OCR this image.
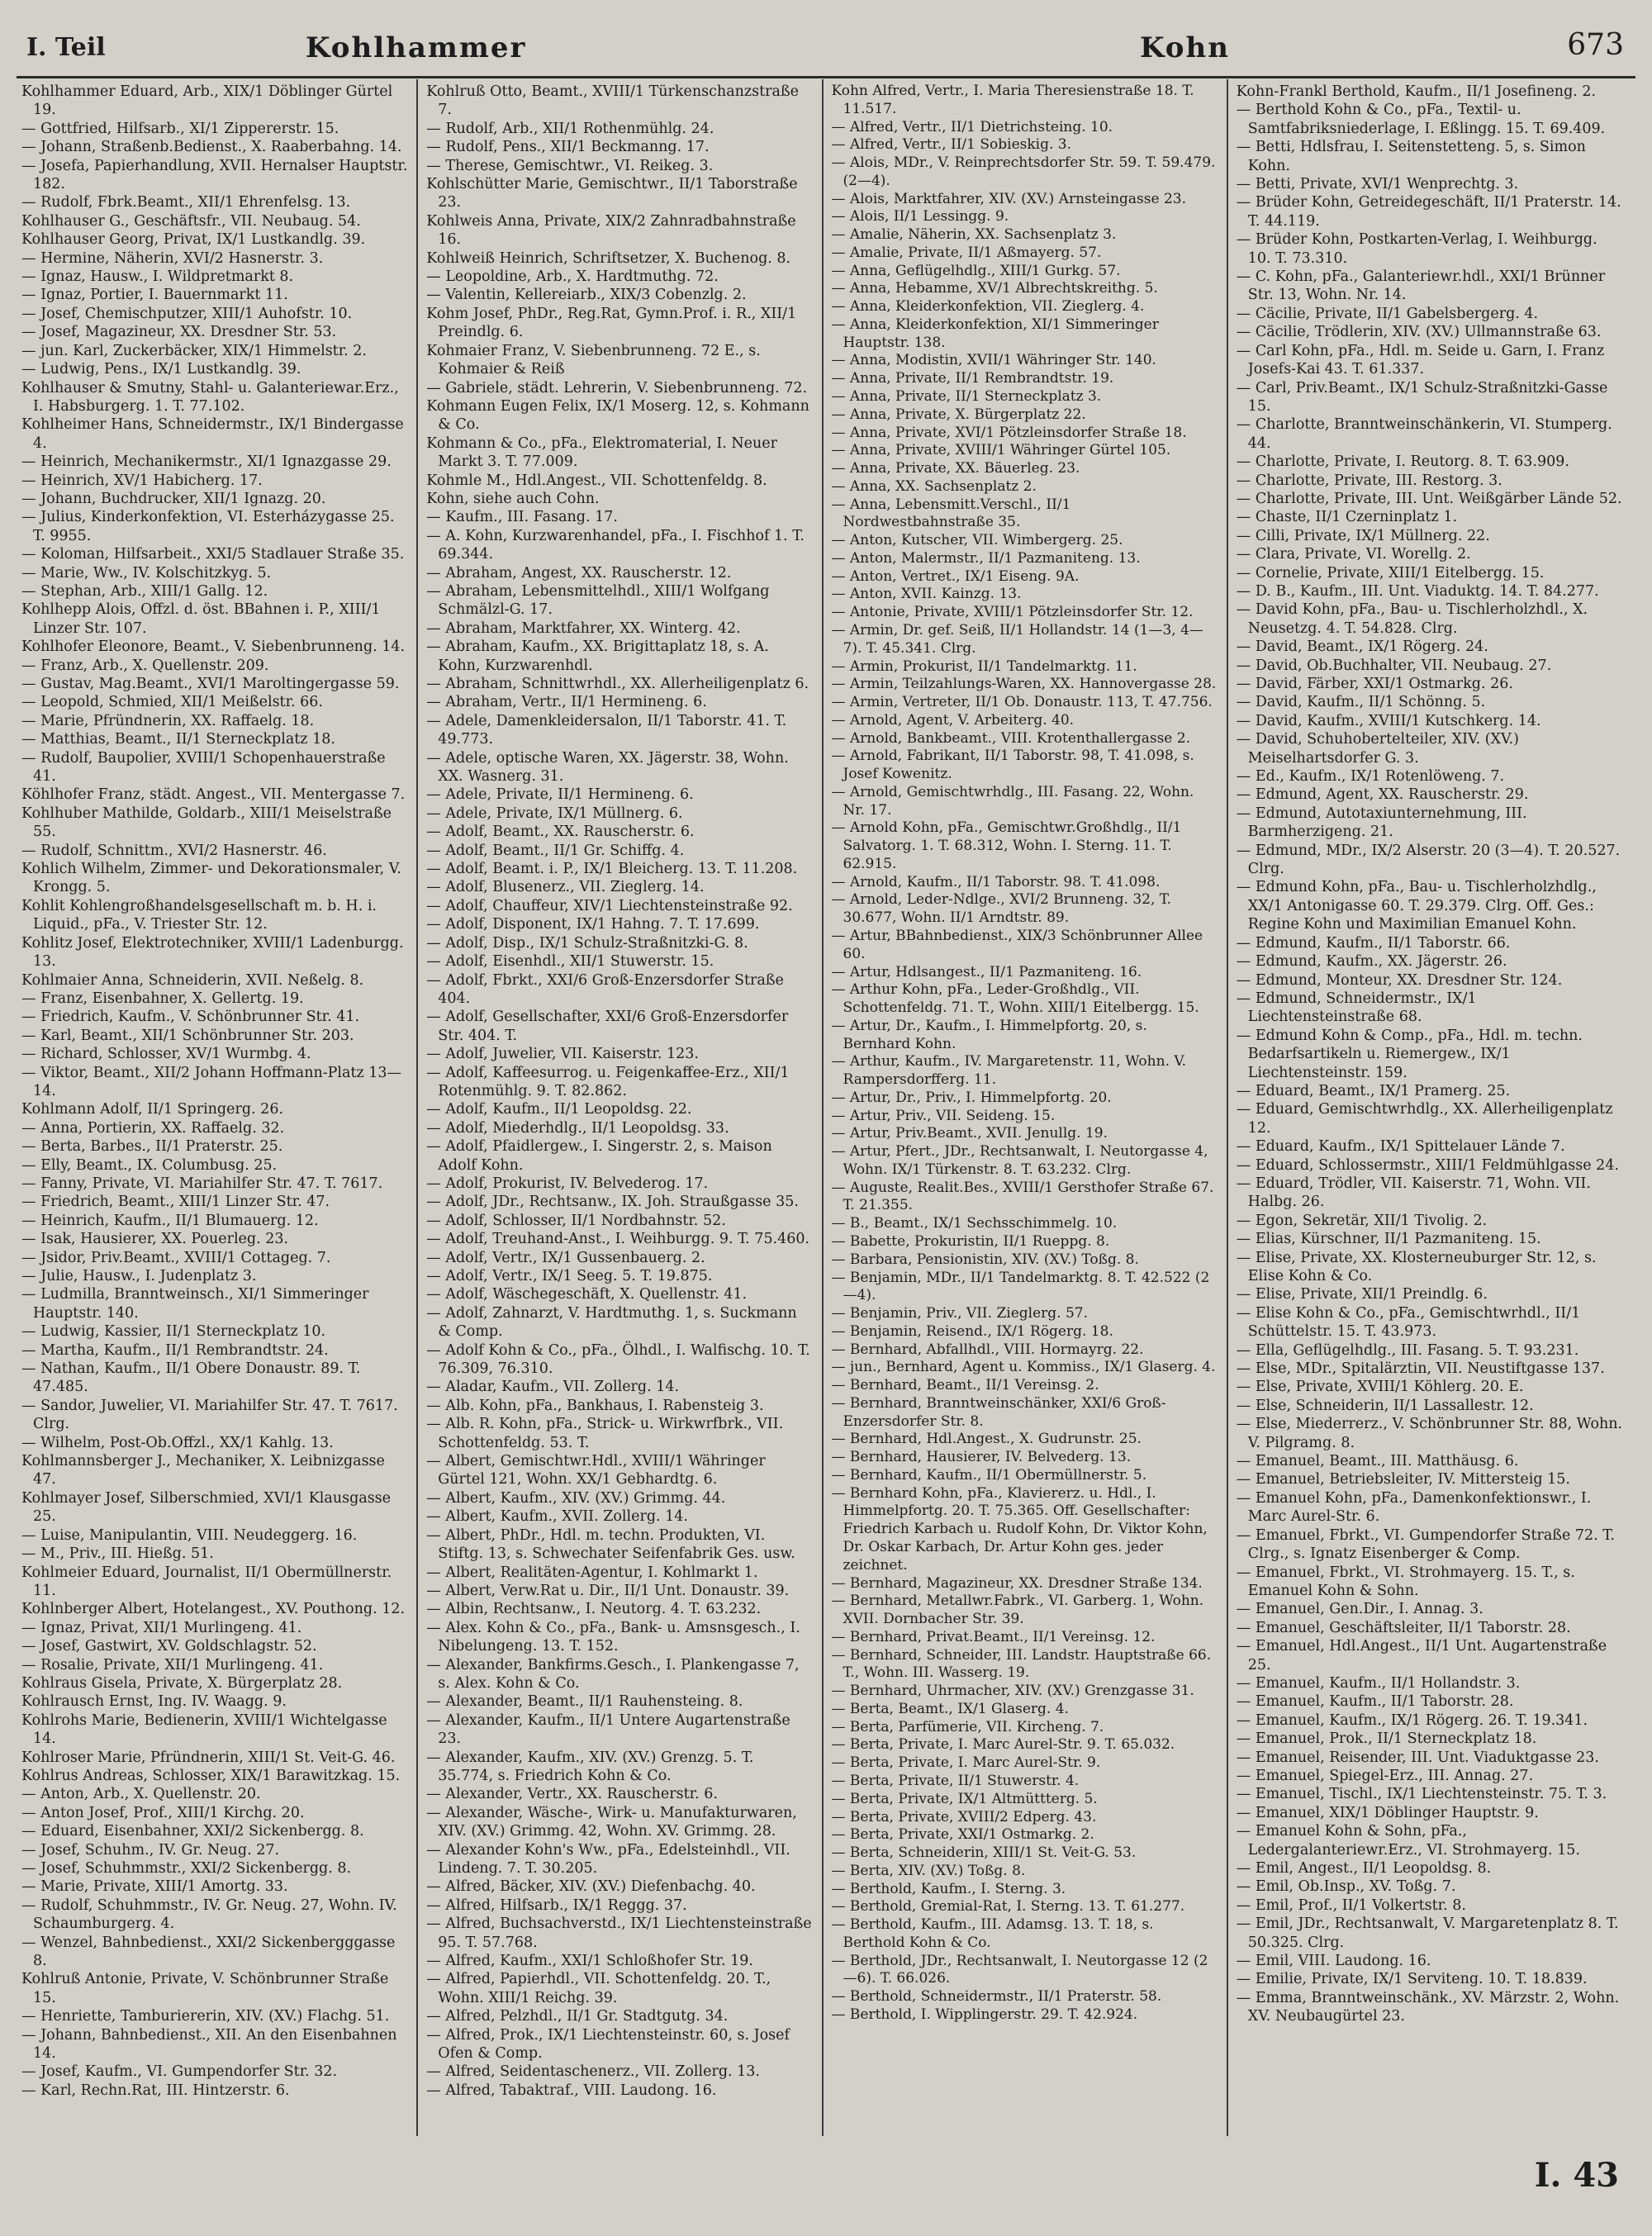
I. Teil	Kohlhammer	Kohn	673
Kohlhammer Eduard, Arb., XIX/1 Döblinger Gürtel 19.
— Gottfried, Hilfsarb., XI/1 Zippererstr. 15.
— Johann, Straßenb.Bedienst., X. Raaberbahng. 14.
— Josefa, Papierhandlung, XVII. Hernalser Hauptstr. 182.
— Rudolf, Fbrk.Beamt., XII/1 Ehrenfelsg. 13.
Kohlhauser G., Geschäftsfr., VII. Neubaug. 54.
Kohlhauser Georg, Privat, IX/1 Lustkandlg. 39.
— Hermine, Näherin, XVI/2 Hasnerstr. 3.
— Ignaz, Hausw., I. Wildpretmarkt 8.
— Ignaz, Portier, I. Bauernmarkt 11.
— Josef, Chemischputzer, XIII/1 Auhofstr. 10.
— Josef, Magazineur, XX. Dresdner Str. 53.
— jun. Karl, Zuckerbäcker, XIX/1 Himmelstr. 2.
— Ludwig, Pens., IX/1 Lustkandlg. 39.
Kohlhauser & Smutny, Stahl- u. Galanteriewar.Erz., I. Habsburgerg. 1. T. 77.102.
Kohlheimer Hans, Schneidermstr., IX/1 Bindergasse 4.
— Heinrich, Mechanikermstr., XI/1 Ignazgasse 29.
— Heinrich, XV/1 Habicherg. 17.
— Johann, Buchdrucker, XII/1 Ignazg. 20.
— Julius, Kinderkonfektion, VI. Esterházygasse 25. T. 9955.
— Koloman, Hilfsarbeit., XXI/5 Stadlauer Straße 35.
— Marie, Ww., IV. Kolschitzkyg. 5.
— Stephan, Arb., XIII/1 Gallg. 12.
Kohlhepp Alois, Offzl. d. öst. BBahnen i. P., XIII/1 Linzer Str. 107.
Kohlhofer Eleonore, Beamt., V. Siebenbrunneng. 14.
— Franz, Arb., X. Quellenstr. 209.
— Gustav, Mag.Beamt., XVI/1 Maroltingergasse 59.
— Leopold, Schmied, XII/1 Meißelstr. 66.
— Marie, Pfründnerin, XX. Raffaelg. 18.
— Matthias, Beamt., II/1 Sterneckplatz 18.
— Rudolf, Baupolier, XVIII/1 Schopenhauerstraße 41.
Köhlhofer Franz, städt. Angest., VII. Mentergasse 7.
Kohlhuber Mathilde, Goldarb., XIII/1 Meiselstraße 55.
— Rudolf, Schnittm., XVI/2 Hasnerstr. 46.
Kohlich Wilhelm, Zimmer- und Dekorationsmaler, V. Krongg. 5.
Kohlit Kohlengroßhandelsgesellschaft m. b. H. i. Liquid., pFa., V. Triester Str. 12.
Kohlitz Josef, Elektrotechniker, XVIII/1 Ladenburgg. 13.
Kohlmaier Anna, Schneiderin, XVII. Neßelg. 8.
— Franz, Eisenbahner, X. Gellertg. 19.
— Friedrich, Kaufm., V. Schönbrunner Str. 41.
— Karl, Beamt., XII/1 Schönbrunner Str. 203.
— Richard, Schlosser, XV/1 Wurmbg. 4.
— Viktor, Beamt., XII/2 Johann Hoffmann-Platz 13—14.
Kohlmann Adolf, II/1 Springerg. 26.
— Anna, Portierin, XX. Raffaelg. 32.
— Berta, Barbes., II/1 Praterstr. 25.
— Elly, Beamt., IX. Columbusg. 25.
— Fanny, Private, VI. Mariahilfer Str. 47. T. 7617.
— Friedrich, Beamt., XIII/1 Linzer Str. 47.
— Heinrich, Kaufm., II/1 Blumauerg. 12.
— Isak, Hausierer, XX. Pouerleg. 23.
— Jsidor, Priv.Beamt., XVIII/1 Cottageg. 7.
— Julie, Hausw., I. Judenplatz 3.
— Ludmilla, Branntweinsch., XI/1 Simmeringer Hauptstr. 140.
— Ludwig, Kassier, II/1 Sterneckplatz 10.
— Martha, Kaufm., II/1 Rembrandtstr. 24.
— Nathan, Kaufm., II/1 Obere Donaustr. 89. T. 47.485.
— Sandor, Juwelier, VI. Mariahilfer Str. 47. T. 7617. Clrg.
— Wilhelm, Post-Ob.Offzl., XX/1 Kahlg. 13.
Kohlmannsberger J., Mechaniker, X. Leibnizgasse 47.
Kohlmayer Josef, Silberschmied, XVI/1 Klausgasse 25.
— Luise, Manipulantin, VIII. Neudeggerg. 16.
— M., Priv., III. Hießg. 51.
Kohlmeier Eduard, Journalist, II/1 Obermüllnerstr. 11.
Kohlnberger Albert, Hotelangest., XV. Pouthong. 12.
— Ignaz, Privat, XII/1 Murlingeng. 41.
— Josef, Gastwirt, XV. Goldschlagstr. 52.
— Rosalie, Private, XII/1 Murlingeng. 41.
Kohlraus Gisela, Private, X. Bürgerplatz 28.
Kohlrausch Ernst, Ing. IV. Waagg. 9.
Kohlrohs Marie, Bedienerin, XVIII/1 Wichtelgasse 14.
Kohlroser Marie, Pfründnerin, XIII/1 St. Veit-G. 46.
Kohlrus Andreas, Schlosser, XIX/1 Barawitzkag. 15.
— Anton, Arb., X. Quellenstr. 20.
— Anton Josef, Prof., XIII/1 Kirchg. 20.
— Eduard, Eisenbahner, XXI/2 Sickenbergg. 8.
— Josef, Schuhm., IV. Gr. Neug. 27.
— Josef, Schuhmmstr., XXI/2 Sickenbergg. 8.
— Marie, Private, XIII/1 Amortg. 33.
— Rudolf, Schuhmmstr., IV. Gr. Neug. 27, Wohn. IV. Schaumburgerg. 4.
— Wenzel, Bahnbedienst., XXI/2 Sickenbergggasse 8.
Kohlruß Antonie, Private, V. Schönbrunner Straße 15.
— Henriette, Tamburiererin, XIV. (XV.) Flachg. 51.
— Johann, Bahnbedienst., XII. An den Eisenbahnen 14.
— Josef, Kaufm., VI. Gumpendorfer Str. 32.
— Karl, Rechn.Rat, III. Hintzerstr. 6.
Kohlruß Otto, Beamt., XVIII/1 Türkenschanzstraße 7.
— Rudolf, Arb., XII/1 Rothenmühlg. 24.
— Rudolf, Pens., XII/1 Beckmanng. 17.
— Therese, Gemischtwr., VI. Reikeg. 3.
Kohlschütter Marie, Gemischtwr., II/1 Taborstraße 23.
Kohlweis Anna, Private, XIX/2 Zahnradbahnstraße 16.
Kohlweiß Heinrich, Schriftsetzer, X. Buchenog. 8.
— Leopoldine, Arb., X. Hardtmuthg. 72.
— Valentin, Kellereiarb., XIX/3 Cobenzlg. 2.
Kohm Josef, PhDr., Reg.Rat, Gymn.Prof. i. R., XII/1 Preindlg. 6.
Kohmaier Franz, V. Siebenbrunneng. 72 E., s. Kohmaier & Reiß
— Gabriele, städt. Lehrerin, V. Siebenbrunneng. 72.
Kohmann Eugen Felix, IX/1 Moserg. 12, s. Kohmann & Co.
Kohmann & Co., pFa., Elektromaterial, I. Neuer Markt 3. T. 77.009.
Kohmle M., Hdl.Angest., VII. Schottenfeldg. 8.
Kohn, siehe auch Cohn.
— Kaufm., III. Fasang. 17.
— A. Kohn, Kurzwarenhandel, pFa., I. Fischhof 1. T. 69.344.
— Abraham, Angest, XX. Rauscherstr. 12.
— Abraham, Lebensmittelhdl., XIII/1 Wolfgang Schmälzl-G. 17.
— Abraham, Marktfahrer, XX. Winterg. 42.
— Abraham, Kaufm., XX. Brigittaplatz 18, s. A. Kohn, Kurzwarenhdl.
— Abraham, Schnittwrhdl., XX. Allerheiligenplatz 6.
— Abraham, Vertr., II/1 Hermineng. 6.
— Adele, Damenkleidersalon, II/1 Taborstr. 41. T. 49.773.
— Adele, optische Waren, XX. Jägerstr. 38, Wohn. XX. Wasnerg. 31.
— Adele, Private, II/1 Hermineng. 6.
— Adele, Private, IX/1 Müllnerg. 6.
— Adolf, Beamt., XX. Rauscherstr. 6.
— Adolf, Beamt., II/1 Gr. Schiffg. 4.
— Adolf, Beamt. i. P., IX/1 Bleicherg. 13. T. 11.208.
— Adolf, Blusenerz., VII. Zieglerg. 14.
— Adolf, Chauffeur, XIV/1 Liechtensteinstraße 92.
— Adolf, Disponent, IX/1 Hahng. 7. T. 17.699.
— Adolf, Disp., IX/1 Schulz-Straßnitzki-G. 8.
— Adolf, Eisenhdl., XII/1 Stuwerstr. 15.
— Adolf, Fbrkt., XXI/6 Groß-Enzersdorfer Straße 404.
— Adolf, Gesellschafter, XXI/6 Groß-Enzersdorfer Str. 404. T.
— Adolf, Juwelier, VII. Kaiserstr. 123.
— Adolf, Kaffeesurrog. u. Feigenkaffee-Erz., XII/1 Rotenmühlg. 9. T. 82.862.
— Adolf, Kaufm., II/1 Leopoldsg. 22.
— Adolf, Miederhdlg., II/1 Leopoldsg. 33.
— Adolf, Pfaidlergew., I. Singerstr. 2, s. Maison Adolf Kohn.
— Adolf, Prokurist, IV. Belvederog. 17.
— Adolf, JDr., Rechtsanw., IX. Joh. Straußgasse 35.
— Adolf, Schlosser, II/1 Nordbahnstr. 52.
— Adolf, Treuhand-Anst., I. Weihburgg. 9. T. 75.460.
— Adolf, Vertr., IX/1 Gussenbauerg. 2.
— Adolf, Vertr., IX/1 Seeg. 5. T. 19.875.
— Adolf, Wäschegeschäft, X. Quellenstr. 41.
— Adolf, Zahnarzt, V. Hardtmuthg. 1, s. Suckmann & Comp.
— Adolf Kohn & Co., pFa., Ölhdl., I. Walfischg. 10. T. 76.309, 76.310.
— Aladar, Kaufm., VII. Zollerg. 14.
— Alb. Kohn, pFa., Bankhaus, I. Rabensteig 3.
— Alb. R. Kohn, pFa., Strick- u. Wirkwrfbrk., VII. Schottenfeldg. 53. T.
— Albert, Gemischtwr.Hdl., XVIII/1 Währinger Gürtel 121, Wohn. XX/1 Gebhardtg. 6.
— Albert, Kaufm., XIV. (XV.) Grimmg. 44.
— Albert, Kaufm., XVII. Zollerg. 14.
— Albert, PhDr., Hdl. m. techn. Produkten, VI. Stiftg. 13, s. Schwechater Seifenfabrik Ges. usw.
— Albert, Realitäten-Agentur, I. Kohlmarkt 1.
— Albert, Verw.Rat u. Dir., II/1 Unt. Donaustr. 39.
— Albin, Rechtsanw., I. Neutorg. 4. T. 63.232.
— Alex. Kohn & Co., pFa., Bank- u. Amsnsgesch., I. Nibelungeng. 13. T. 152.
— Alexander, Bankfirms.Gesch., I. Plankengasse 7, s. Alex. Kohn & Co.
— Alexander, Beamt., II/1 Rauhensteing. 8.
— Alexander, Kaufm., II/1 Untere Augartenstraße 23.
— Alexander, Kaufm., XIV. (XV.) Grenzg. 5. T. 35.774, s. Friedrich Kohn & Co.
— Alexander, Vertr., XX. Rauscherstr. 6.
— Alexander, Wäsche-, Wirk- u. Manufakturwaren, XIV. (XV.) Grimmg. 42, Wohn. XV. Grimmg. 28.
— Alexander Kohn's Ww., pFa., Edelsteinhdl., VII. Lindeng. 7. T. 30.205.
— Alfred, Bäcker, XIV. (XV.) Diefenbachg. 40.
— Alfred, Hilfsarb., IX/1 Reggg. 37.
— Alfred, Buchsachverstd., IX/1 Liechtensteinstraße 95. T. 57.768.
— Alfred, Kaufm., XXI/1 Schloßhofer Str. 19.
— Alfred, Papierhdl., VII. Schottenfeldg. 20. T., Wohn. XIII/1 Reichg. 39.
— Alfred, Pelzhdl., II/1 Gr. Stadtgutg. 34.
— Alfred, Prok., IX/1 Liechtensteinstr. 60, s. Josef Ofen & Comp.
— Alfred, Seidentaschenerz., VII. Zollerg. 13.
— Alfred, Tabaktraf., VIII. Laudong. 16.
Kohn Alfred, Vertr., I. Maria Theresienstraße 18. T. 11.517.
— Alfred, Vertr., II/1 Dietrichsteing. 10.
— Alfred, Vertr., II/1 Sobieskig. 3.
— Alois, MDr., V. Reinprechtsdorfer Str. 59. T. 59.479. (2—4).
— Alois, Marktfahrer, XIV. (XV.) Arnsteingasse 23.
— Alois, II/1 Lessingg. 9.
— Amalie, Näherin, XX. Sachsenplatz 3.
— Amalie, Private, II/1 Aßmayerg. 57.
— Anna, Geflügelhdlg., XIII/1 Gurkg. 57.
— Anna, Hebamme, XV/1 Albrechtskreithg. 5.
— Anna, Kleiderkonfektion, VII. Zieglerg. 4.
— Anna, Kleiderkonfektion, XI/1 Simmeringer Hauptstr. 138.
— Anna, Modistin, XVII/1 Währinger Str. 140.
— Anna, Private, II/1 Rembrandtstr. 19.
— Anna, Private, II/1 Sterneckplatz 3.
— Anna, Private, X. Bürgerplatz 22.
— Anna, Private, XVI/1 Pötzleinsdorfer Straße 18.
— Anna, Private, XVIII/1 Währinger Gürtel 105.
— Anna, Private, XX. Bäuerleg. 23.
— Anna, XX. Sachsenplatz 2.
— Anna, Lebensmitt.Verschl., II/1 Nordwestbahnstraße 35.
— Anton, Kutscher, VII. Wimbergerg. 25.
— Anton, Malermstr., II/1 Pazmaniteng. 13.
— Anton, Vertret., IX/1 Eiseng. 9A.
— Anton, XVII. Kainzg. 13.
— Antonie, Private, XVIII/1 Pötzleinsdorfer Str. 12.
— Armin, Dr. gef. Seiß, II/1 Hollandstr. 14 (1—3, 4—7). T. 45.341. Clrg.
— Armin, Prokurist, II/1 Tandelmarktg. 11.
— Armin, Teilzahlungs-Waren, XX. Hannovergasse 28.
— Armin, Vertreter, II/1 Ob. Donaustr. 113, T. 47.756.
— Arnold, Agent, V. Arbeiterg. 40.
— Arnold, Bankbeamt., VIII. Krotenthallergasse 2.
— Arnold, Fabrikant, II/1 Taborstr. 98, T. 41.098, s. Josef Kowenitz.
— Arnold, Gemischtwrhdlg., III. Fasang. 22, Wohn. Nr. 17.
— Arnold Kohn, pFa., Gemischtwr.Großhdlg., II/1 Salvatorg. 1. T. 68.312, Wohn. I. Sterng. 11. T. 62.915.
— Arnold, Kaufm., II/1 Taborstr. 98. T. 41.098.
— Arnold, Leder-Ndlge., XVI/2 Brunneng. 32, T. 30.677, Wohn. II/1 Arndtstr. 89.
— Artur, BBahnbedienst., XIX/3 Schönbrunner Allee 60.
— Artur, Hdlsangest., II/1 Pazmaniteng. 16.
— Arthur Kohn, pFa., Leder-Großhdlg., VII. Schottenfeldg. 71. T., Wohn. XIII/1 Eitelbergg. 15.
— Artur, Dr., Kaufm., I. Himmelpfortg. 20, s. Bernhard Kohn.
— Arthur, Kaufm., IV. Margaretenstr. 11, Wohn. V. Rampersdorfferg. 11.
— Artur, Dr., Priv., I. Himmelpfortg. 20.
— Artur, Priv., VII. Seideng. 15.
— Artur, Priv.Beamt., XVII. Jenullg. 19.
— Artur, Pfert., JDr., Rechtsanwalt, I. Neutorgasse 4, Wohn. IX/1 Türkenstr. 8. T. 63.232. Clrg.
— Auguste, Realit.Bes., XVIII/1 Gersthofer Straße 67. T. 21.355.
— B., Beamt., IX/1 Sechsschimmelg. 10.
— Babette, Prokuristin, II/1 Rueppg. 8.
— Barbara, Pensionistin, XIV. (XV.) Toßg. 8.
— Benjamin, MDr., II/1 Tandelmarktg. 8. T. 42.522 (2—4).
— Benjamin, Priv., VII. Zieglerg. 57.
— Benjamin, Reisend., IX/1 Rögerg. 18.
— Bernhard, Abfallhdl., VIII. Hormayrg. 22.
— jun., Bernhard, Agent u. Kommiss., IX/1 Glaserg. 4.
— Bernhard, Beamt., II/1 Vereinsg. 2.
— Bernhard, Branntweinschänker, XXI/6 Groß-Enzersdorfer Str. 8.
— Bernhard, Hdl.Angest., X. Gudrunstr. 25.
— Bernhard, Hausierer, IV. Belvederg. 13.
— Bernhard, Kaufm., II/1 Obermüllnerstr. 5.
— Bernhard Kohn, pFa., Klaviererz. u. Hdl., I. Himmelpfortg. 20. T. 75.365. Off. Gesellschafter: Friedrich Karbach u. Rudolf Kohn, Dr. Viktor Kohn, Dr. Oskar Karbach, Dr. Artur Kohn ges. jeder zeichnet.
— Bernhard, Magazineur, XX. Dresdner Straße 134.
— Bernhard, Metallwr.Fabrk., VI. Garberg. 1, Wohn. XVII. Dornbacher Str. 39.
— Bernhard, Privat.Beamt., II/1 Vereinsg. 12.
— Bernhard, Schneider, III. Landstr. Hauptstraße 66. T., Wohn. III. Wasserg. 19.
— Bernhard, Uhrmacher, XIV. (XV.) Grenzgasse 31.
— Berta, Beamt., IX/1 Glaserg. 4.
— Berta, Parfümerie, VII. Kircheng. 7.
— Berta, Private, I. Marc Aurel-Str. 9. T. 65.032.
— Berta, Private, I. Marc Aurel-Str. 9.
— Berta, Private, II/1 Stuwerstr. 4.
— Berta, Private, IX/1 Altmüttterg. 5.
— Berta, Private, XVIII/2 Edperg. 43.
— Berta, Private, XXI/1 Ostmarkg. 2.
— Berta, Schneiderin, XIII/1 St. Veit-G. 53.
— Berta, XIV. (XV.) Toßg. 8.
— Berthold, Kaufm., I. Sterng. 3.
— Berthold, Gremial-Rat, I. Sterng. 13. T. 61.277.
— Berthold, Kaufm., III. Adamsg. 13. T. 18, s. Berthold Kohn & Co.
— Berthold, JDr., Rechtsanwalt, I. Neutorgasse 12 (2—6). T. 66.026.
— Berthold, Schneidermstr., II/1 Praterstr. 58.
— Berthold, I. Wipplingerstr. 29. T. 42.924.
Kohn-Frankl Berthold, Kaufm., II/1 Josefineng. 2.
— Berthold Kohn & Co., pFa., Textil- u. Samtfabriksniederlage, I. Eßlingg. 15. T. 69.409.
— Betti, Hdlsfrau, I. Seitenstetteng. 5, s. Simon Kohn.
— Betti, Private, XVI/1 Wenprechtg. 3.
— Brüder Kohn, Getreidegeschäft, II/1 Praterstr. 14. T. 44.119.
— Brüder Kohn, Postkarten-Verlag, I. Weihburgg. 10. T. 73.310.
— C. Kohn, pFa., Galanteriewr.hdl., XXI/1 Brünner Str. 13, Wohn. Nr. 14.
— Cäcilie, Private, II/1 Gabelsbergerg. 4.
— Cäcilie, Trödlerin, XIV. (XV.) Ullmannstraße 63.
— Carl Kohn, pFa., Hdl. m. Seide u. Garn, I. Franz Josefs-Kai 43. T. 61.337.
— Carl, Priv.Beamt., IX/1 Schulz-Straßnitzki-Gasse 15.
— Charlotte, Branntweinschänkerin, VI. Stumperg. 44.
— Charlotte, Private, I. Reutorg. 8. T. 63.909.
— Charlotte, Private, III. Restorg. 3.
— Charlotte, Private, III. Unt. Weißgärber Lände 52.
— Chaste, II/1 Czerninplatz 1.
— Cilli, Private, IX/1 Müllnerg. 22.
— Clara, Private, VI. Worellg. 2.
— Cornelie, Private, XIII/1 Eitelbergg. 15.
— D. B., Kaufm., III. Unt. Viaduktg. 14. T. 84.277.
— David Kohn, pFa., Bau- u. Tischlerholzhdl., X. Neusetzg. 4. T. 54.828. Clrg.
— David, Beamt., IX/1 Rögerg. 24.
— David, Ob.Buchhalter, VII. Neubaug. 27.
— David, Färber, XXI/1 Ostmarkg. 26.
— David, Kaufm., II/1 Schönng. 5.
— David, Kaufm., XVIII/1 Kutschkerg. 14.
— David, Schuhobertelteiler, XIV. (XV.) Meiselhartsdorfer G. 3.
— Ed., Kaufm., IX/1 Rotenlöweng. 7.
— Edmund, Agent, XX. Rauscherstr. 29.
— Edmund, Autotaxiunternehmung, III. Barmherzigeng. 21.
— Edmund, MDr., IX/2 Alserstr. 20 (3—4). T. 20.527. Clrg.
— Edmund Kohn, pFa., Bau- u. Tischlerholzhdlg., XX/1 Antonigasse 60. T. 29.379. Clrg. Off. Ges.: Regine Kohn und Maximilian Emanuel Kohn.
— Edmund, Kaufm., II/1 Taborstr. 66.
— Edmund, Kaufm., XX. Jägerstr. 26.
— Edmund, Monteur, XX. Dresdner Str. 124.
— Edmund, Schneidermstr., IX/1 Liechtensteinstraße 68.
— Edmund Kohn & Comp., pFa., Hdl. m. techn. Bedarfsartikeln u. Riemergew., IX/1 Liechtensteinstr. 159.
— Eduard, Beamt., IX/1 Pramerg. 25.
— Eduard, Gemischtwrhdlg., XX. Allerheiligenplatz 12.
— Eduard, Kaufm., IX/1 Spittelauer Lände 7.
— Eduard, Schlossermstr., XIII/1 Feldmühlgasse 24.
— Eduard, Trödler, VII. Kaiserstr. 71, Wohn. VII. Halbg. 26.
— Egon, Sekretär, XII/1 Tivolig. 2.
— Elias, Kürschner, II/1 Pazmaniteng. 15.
— Elise, Private, XX. Klosterneuburger Str. 12, s. Elise Kohn & Co.
— Elise, Private, XII/1 Preindlg. 6.
— Elise Kohn & Co., pFa., Gemischtwrhdl., II/1 Schüttelstr. 15. T. 43.973.
— Ella, Geflügelhdlg., III. Fasang. 5. T. 93.231.
— Else, MDr., Spitalärztin, VII. Neustiftgasse 137.
— Else, Private, XVIII/1 Köhlerg. 20. E.
— Else, Schneiderin, II/1 Lassallestr. 12.
— Else, Miederrerz., V. Schönbrunner Str. 88, Wohn. V. Pilgramg. 8.
— Emanuel, Beamt., III. Matthäusg. 6.
— Emanuel, Betriebsleiter, IV. Mittersteig 15.
— Emanuel Kohn, pFa., Damenkonfektionswr., I. Marc Aurel-Str. 6.
— Emanuel, Fbrkt., VI. Gumpendorfer Straße 72. T. Clrg., s. Ignatz Eisenberger & Comp.
— Emanuel, Fbrkt., VI. Strohmayerg. 15. T., s. Emanuel Kohn & Sohn.
— Emanuel, Gen.Dir., I. Annag. 3.
— Emanuel, Geschäftsleiter, II/1 Taborstr. 28.
— Emanuel, Hdl.Angest., II/1 Unt. Augartenstraße 25.
— Emanuel, Kaufm., II/1 Hollandstr. 3.
— Emanuel, Kaufm., II/1 Taborstr. 28.
— Emanuel, Kaufm., IX/1 Rögerg. 26. T. 19.341.
— Emanuel, Prok., II/1 Sterneckplatz 18.
— Emanuel, Reisender, III. Unt. Viaduktgasse 23.
— Emanuel, Spiegel-Erz., III. Annag. 27.
— Emanuel, Tischl., IX/1 Liechtensteinstr. 75. T. 3.
— Emanuel, XIX/1 Döblinger Hauptstr. 9.
— Emanuel Kohn & Sohn, pFa., Ledergalanteriewr.Erz., VI. Strohmayerg. 15.
— Emil, Angest., II/1 Leopoldsg. 8.
— Emil, Ob.Insp., XV. Toßg. 7.
— Emil, Prof., II/1 Volkertstr. 8.
— Emil, JDr., Rechtsanwalt, V. Margaretenplatz 8. T. 50.325. Clrg.
— Emil, VIII. Laudong. 16.
— Emilie, Private, IX/1 Serviteng. 10. T. 18.839.
— Emma, Branntweinschänk., XV. Märzstr. 2, Wohn. XV. Neubaugürtel 23.
I. 43
